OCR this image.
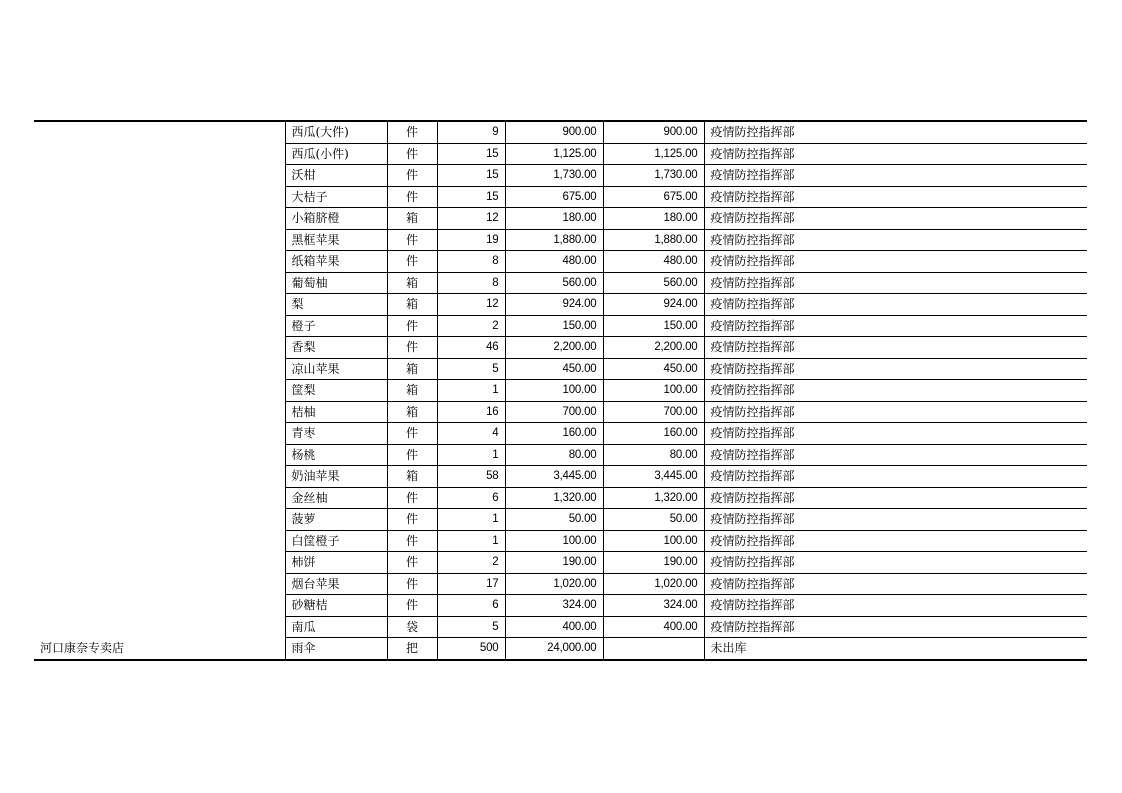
	西瓜(大件)	件	9	900.00	900.00	疫情防控指挥部
	西瓜(小件)	件	15	1,125.00	1,125.00	疫情防控指挥部
	沃柑	件	15	1,730.00	1,730.00	疫情防控指挥部
	大桔子	件	15	675.00	675.00	疫情防控指挥部
	小箱脐橙	箱	12	180.00	180.00	疫情防控指挥部
	黑框苹果	件	19	1,880.00	1,880.00	疫情防控指挥部
	纸箱苹果	件	8	480.00	480.00	疫情防控指挥部
	葡萄柚	箱	8	560.00	560.00	疫情防控指挥部
	梨	箱	12	924.00	924.00	疫情防控指挥部
	橙子	件	2	150.00	150.00	疫情防控指挥部
	香梨	件	46	2,200.00	2,200.00	疫情防控指挥部
	凉山苹果	箱	5	450.00	450.00	疫情防控指挥部
	筐梨	箱	1	100.00	100.00	疫情防控指挥部
	桔柚	箱	16	700.00	700.00	疫情防控指挥部
	青枣	件	4	160.00	160.00	疫情防控指挥部
	杨桃	件	1	80.00	80.00	疫情防控指挥部
	奶油苹果	箱	58	3,445.00	3,445.00	疫情防控指挥部
	金丝柚	件	6	1,320.00	1,320.00	疫情防控指挥部
	菠萝	件	1	50.00	50.00	疫情防控指挥部
	白筐橙子	件	1	100.00	100.00	疫情防控指挥部
	柿饼	件	2	190.00	190.00	疫情防控指挥部
	烟台苹果	件	17	1,020.00	1,020.00	疫情防控指挥部
	砂糖桔	件	6	324.00	324.00	疫情防控指挥部
	南瓜	袋	5	400.00	400.00	疫情防控指挥部
河口康奈专卖店	雨伞	把	500	24,000.00		未出库
